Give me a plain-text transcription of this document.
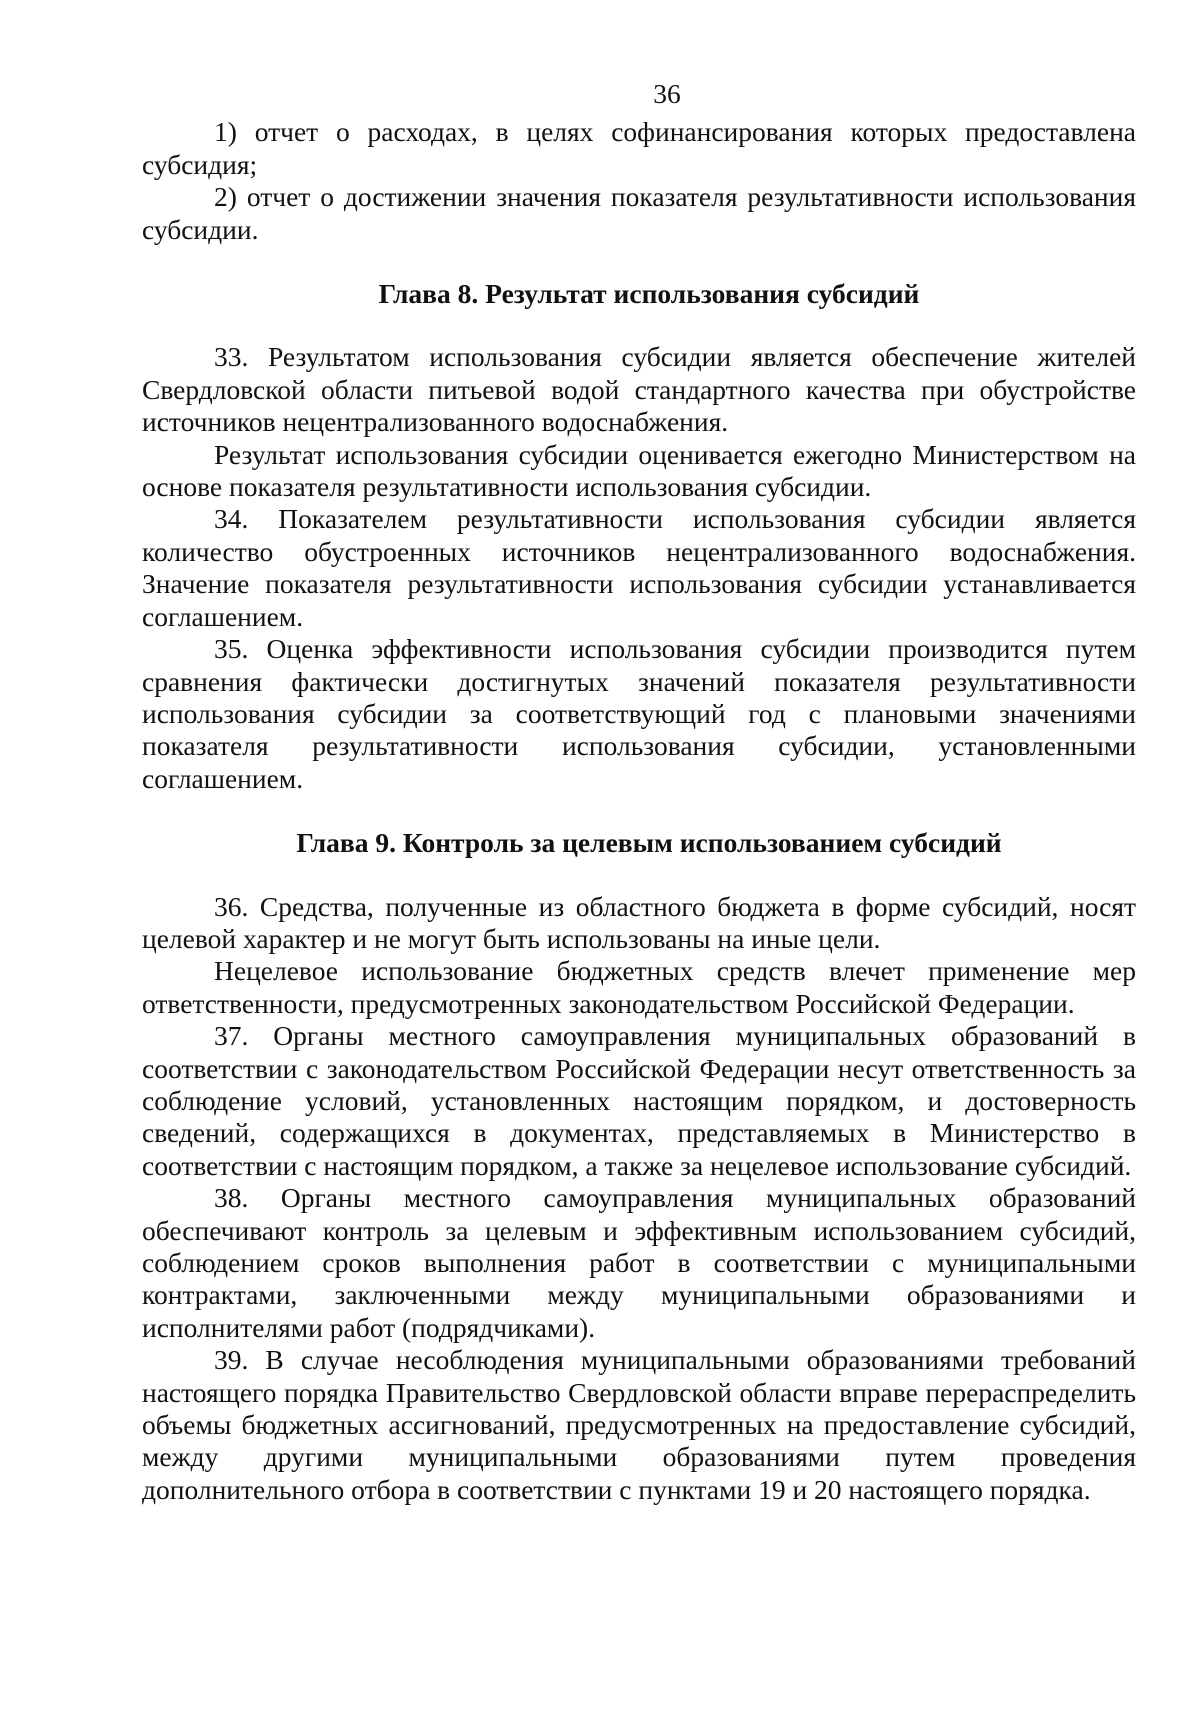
36

1) отчет о расходах, в целях софинансирования которых предоставлена субсидия;

2) отчет о достижении значения показателя результативности использования субсидии.

Глава 8. Результат использования субсидий

33. Результатом использования субсидии является обеспечение жителей Свердловской области питьевой водой стандартного качества при обустройстве источников нецентрализованного водоснабжения.

Результат использования субсидии оценивается ежегодно Министерством на основе показателя результативности использования субсидии.

34. Показателем результативности использования субсидии является количество обустроенных источников нецентрализованного водоснабжения. Значение показателя результативности использования субсидии устанавливается соглашением.

35. Оценка эффективности использования субсидии производится путем сравнения фактически достигнутых значений показателя результативности использования субсидии за соответствующий год с плановыми значениями показателя результативности использования субсидии, установленными соглашением.

Глава 9. Контроль за целевым использованием субсидий

36. Средства, полученные из областного бюджета в форме субсидий, носят целевой характер и не могут быть использованы на иные цели.

Нецелевое использование бюджетных средств влечет применение мер ответственности, предусмотренных законодательством Российской Федерации.

37. Органы местного самоуправления муниципальных образований в соответствии с законодательством Российской Федерации несут ответственность за соблюдение условий, установленных настоящим порядком, и достоверность сведений, содержащихся в документах, представляемых в Министерство в соответствии с настоящим порядком, а также за нецелевое использование субсидий.

38. Органы местного самоуправления муниципальных образований обеспечивают контроль за целевым и эффективным использованием субсидий, соблюдением сроков выполнения работ в соответствии с муниципальными контрактами, заключенными между муниципальными образованиями и исполнителями работ (подрядчиками).

39. В случае несоблюдения муниципальными образованиями требований настоящего порядка Правительство Свердловской области вправе перераспределить объемы бюджетных ассигнований, предусмотренных на предоставление субсидий, между другими муниципальными образованиями путем проведения дополнительного отбора в соответствии с пунктами 19 и 20 настоящего порядка.
